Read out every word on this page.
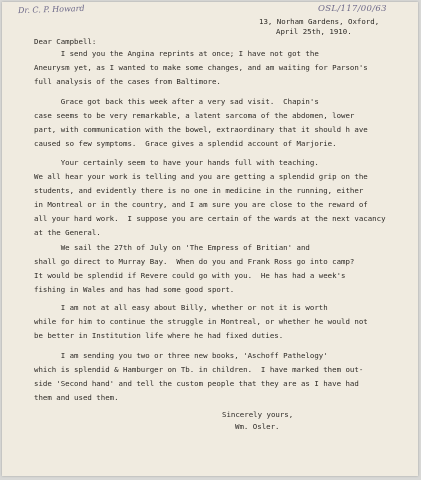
Dr. C. P. Howard	OSL/117/00/63
13, Norham Gardens, Oxford,
April 25th, 1910.
Dear Campbell:

I send you the Angina reprints at once; I have not got the

Aneurysm yet, as I wanted to make some changes, and am waiting for Parson's

full analysis of the cases from Baltimore.

Grace got back this week after a very sad visit.  Chapin's

case seems to be very remarkable, a latent sarcoma of the abdomen, lower

part, with communication with the bowel, extraordinary that it should h ave

caused so few symptoms.  Grace gives a splendid account of Marjorie.

Your certainly seem to have your hands full with teaching.

We all hear your work is telling and you are getting a splendid grip on the

students, and evidently there is no one in medicine in the running, either

in Montreal or in the country, and I am sure you are close to the reward of

all your hard work.  I suppose you are certain of the wards at the next vacancy

at the General.

We sail the 27th of July on 'The Empress of Britian' and

shall go direct to Murray Bay.  When do you and Frank Ross go into camp?

It would be splendid if Revere could go with you.  He has had a week's

fishing in Wales and has had some good sport.

I am not at all easy about Billy, whether or not it is worth

while for him to continue the struggle in Montreal, or whether he would not

be better in Institution life where he had fixed duties.

I am sending you two or three new books, 'Aschoff Pathelogy'

which is splendid & Hamburger on Tb. in children.  I have marked them out-

side 'Second hand' and tell the custom people that they are as I have had

them and used them.

Sincerely yours,
Wm. Osler.
